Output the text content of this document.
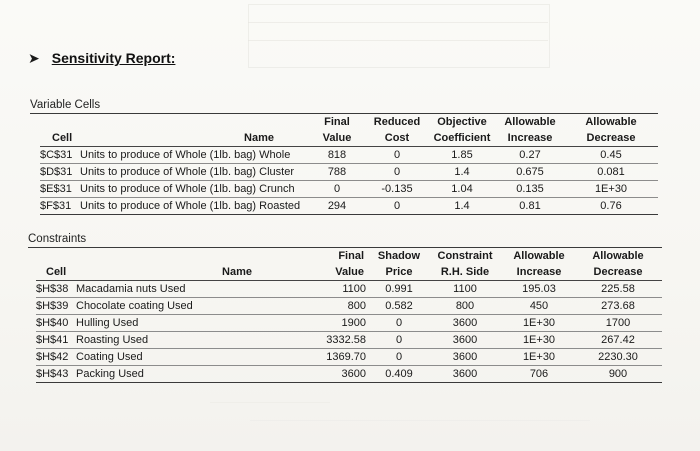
➤ Sensitivity Report:
Variable Cells
		Final	Reduced	Objective	Allowable	Allowable
Cell	Name	Value	Cost	Coefficient	Increase	Decrease
$C$31	Units to produce of Whole (1lb. bag) Whole	818	0	1.85	0.27	0.45
$D$31	Units to produce of Whole (1lb. bag) Cluster	788	0	1.4	0.675	0.081
$E$31	Units to produce of Whole (1lb. bag) Crunch	0	-0.135	1.04	0.135	1E+30
$F$31	Units to produce of Whole (1lb. bag) Roasted	294	0	1.4	0.81	0.76
Constraints
		Final	Shadow	Constraint	Allowable	Allowable
Cell	Name	Value	Price	R.H. Side	Increase	Decrease
$H$38	Macadamia nuts Used	1100	0.991	1100	195.03	225.58
$H$39	Chocolate coating Used	800	0.582	800	450	273.68
$H$40	Hulling Used	1900	0	3600	1E+30	1700
$H$41	Roasting Used	3332.58	0	3600	1E+30	267.42
$H$42	Coating Used	1369.70	0	3600	1E+30	2230.30
$H$43	Packing Used	3600	0.409	3600	706	900
